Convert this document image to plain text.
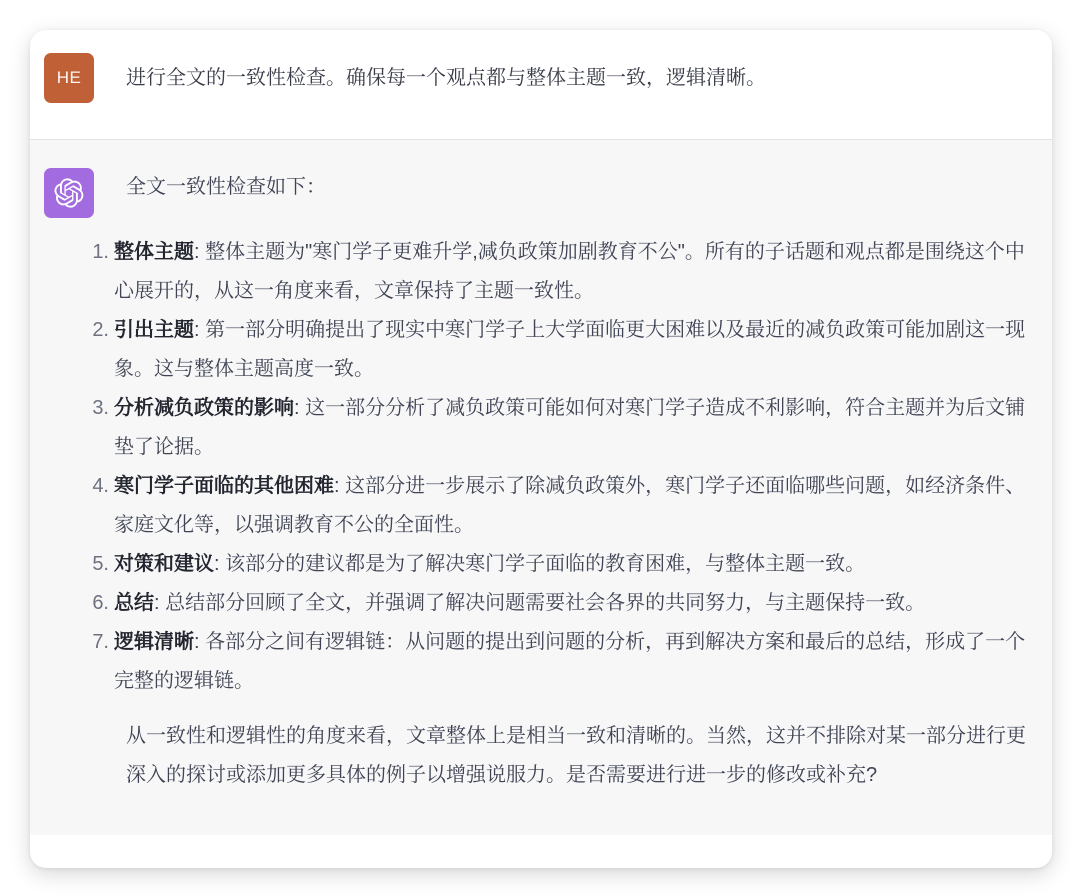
HE 进行全文的一致性检查。确保每一个观点都与整体主题一致，逻辑清晰。

全文一致性检查如下：

1. 整体主题: 整体主题为"寒门学子更难升学,减负政策加剧教育不公"。所有的子话题和观点都是围绕这个中心展开的，从这一角度来看，文章保持了主题一致性。
2. 引出主题: 第一部分明确提出了现实中寒门学子上大学面临更大困难以及最近的减负政策可能加剧这一现象。这与整体主题高度一致。
3. 分析减负政策的影响: 这一部分分析了减负政策可能如何对寒门学子造成不利影响，符合主题并为后文铺垫了论据。
4. 寒门学子面临的其他困难: 这部分进一步展示了除减负政策外，寒门学子还面临哪些问题，如经济条件、家庭文化等，以强调教育不公的全面性。
5. 对策和建议: 该部分的建议都是为了解决寒门学子面临的教育困难，与整体主题一致。
6. 总结: 总结部分回顾了全文，并强调了解决问题需要社会各界的共同努力，与主题保持一致。
7. 逻辑清晰: 各部分之间有逻辑链：从问题的提出到问题的分析，再到解决方案和最后的总结，形成了一个完整的逻辑链。

从一致性和逻辑性的角度来看，文章整体上是相当一致和清晰的。当然，这并不排除对某一部分进行更深入的探讨或添加更多具体的例子以增强说服力。是否需要进行进一步的修改或补充?
